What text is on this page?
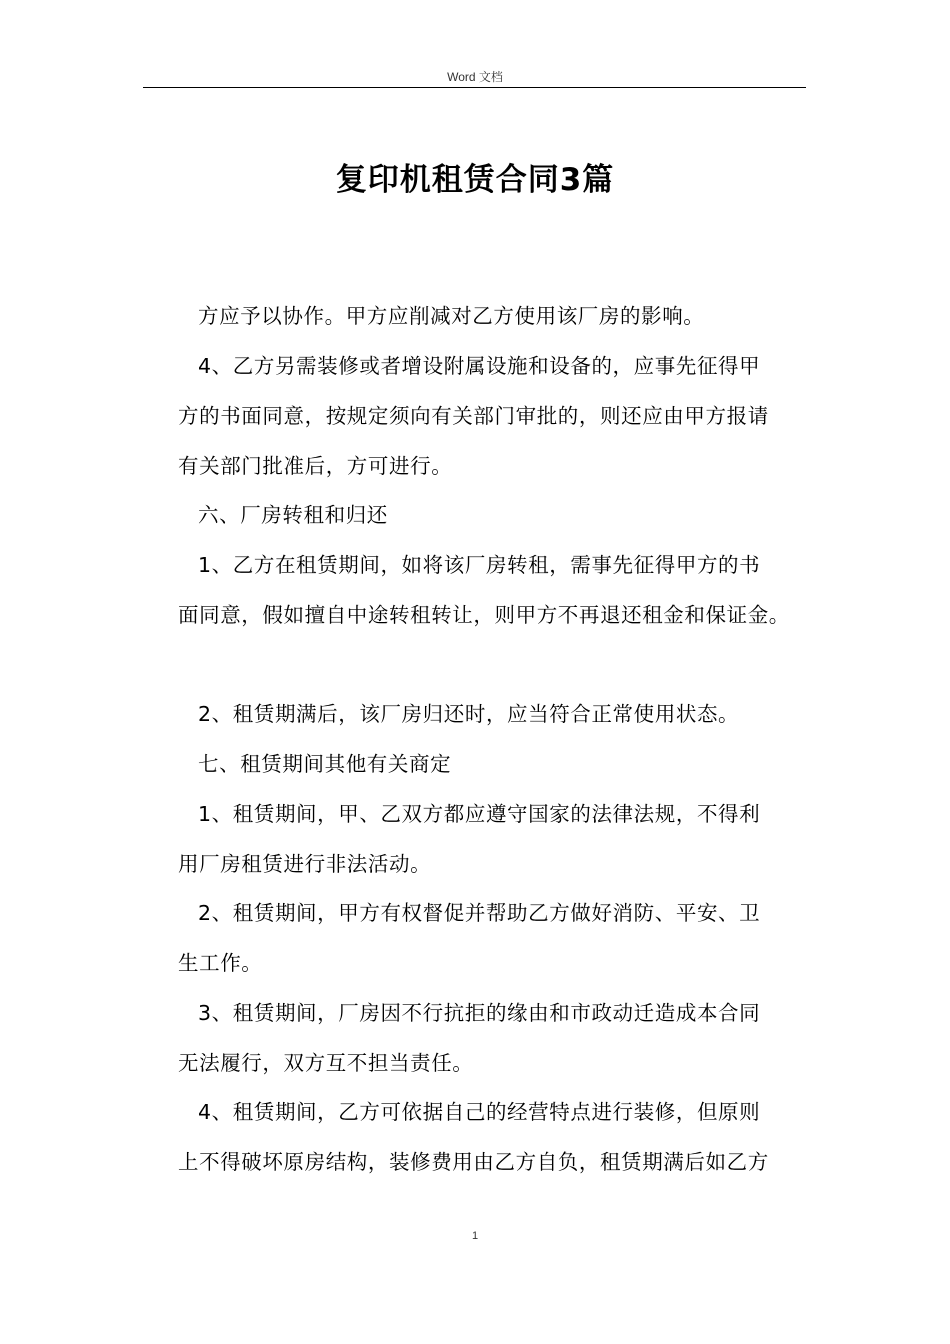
Word 文档
复印机租赁合同3篇
方应予以协作。甲方应削减对乙方使用该厂房的影响。
4、乙方另需装修或者增设附属设施和设备的，应事先征得甲
方的书面同意，按规定须向有关部门审批的，则还应由甲方报请
有关部门批准后，方可进行。
六、厂房转租和归还
1、乙方在租赁期间，如将该厂房转租，需事先征得甲方的书
面同意，假如擅自中途转租转让，则甲方不再退还租金和保证金。
2、租赁期满后，该厂房归还时，应当符合正常使用状态。
七、租赁期间其他有关商定
1、租赁期间，甲、乙双方都应遵守国家的法律法规，不得利
用厂房租赁进行非法活动。
2、租赁期间，甲方有权督促并帮助乙方做好消防、平安、卫
生工作。
3、租赁期间，厂房因不行抗拒的缘由和市政动迁造成本合同
无法履行，双方互不担当责任。
4、租赁期间，乙方可依据自己的经营特点进行装修，但原则
上不得破坏原房结构，装修费用由乙方自负，租赁期满后如乙方
1
